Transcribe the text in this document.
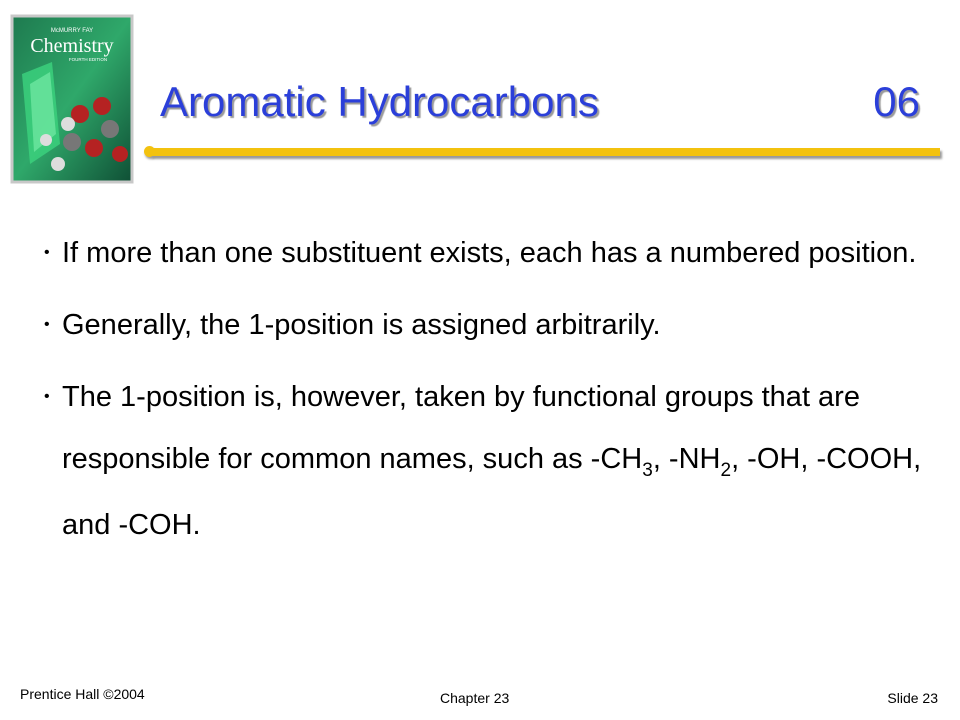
McMURRY FAY
Chemistry
FOURTH EDITION
Aromatic Hydrocarbons	06
• If more than one substituent exists, each has a numbered position.
• Generally, the 1-position is assigned arbitrarily.
• The 1-position is, however, taken by functional groups that are responsible for common names, such as $-CH_3$, $-NH_2$, -OH, -COOH, and -COH.
Prentice Hall ©2004	Chapter 23	Slide 23
